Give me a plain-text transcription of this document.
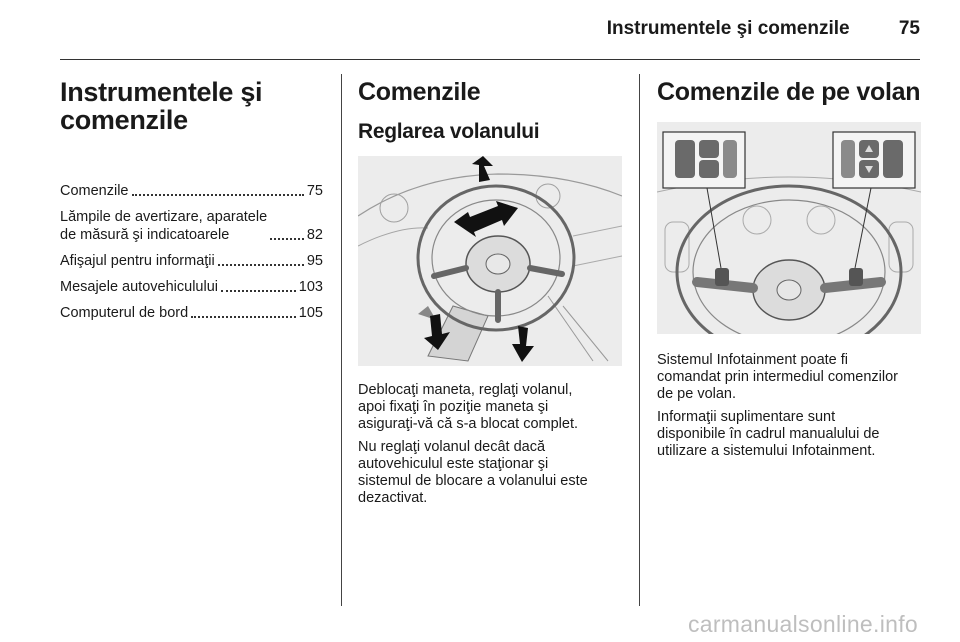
Instrumentele şi comenzile	75
Instrumentele şi comenzile
Comenzile	75
Lămpile de avertizare, aparatele
de măsură şi indicatoarele	82
Afişajul pentru informaţii	95
Mesajele autovehiculului	103
Computerul de bord	105
Comenzile
Reglarea volanului

Deblocaţi maneta, reglaţi volanul,
apoi fixaţi în poziţie maneta şi
asiguraţi-vă că s-a blocat complet.

Nu reglaţi volanul decât dacă
autovehiculul este staţionar şi
sistemul de blocare a volanului este
dezactivat.

Comenzile de pe volan

Sistemul Infotainment poate fi
comandat prin intermediul comenzilor
de pe volan.

Informaţii suplimentare sunt
disponibile în cadrul manualului de
utilizare a sistemului Infotainment.

carmanualsonline.info
